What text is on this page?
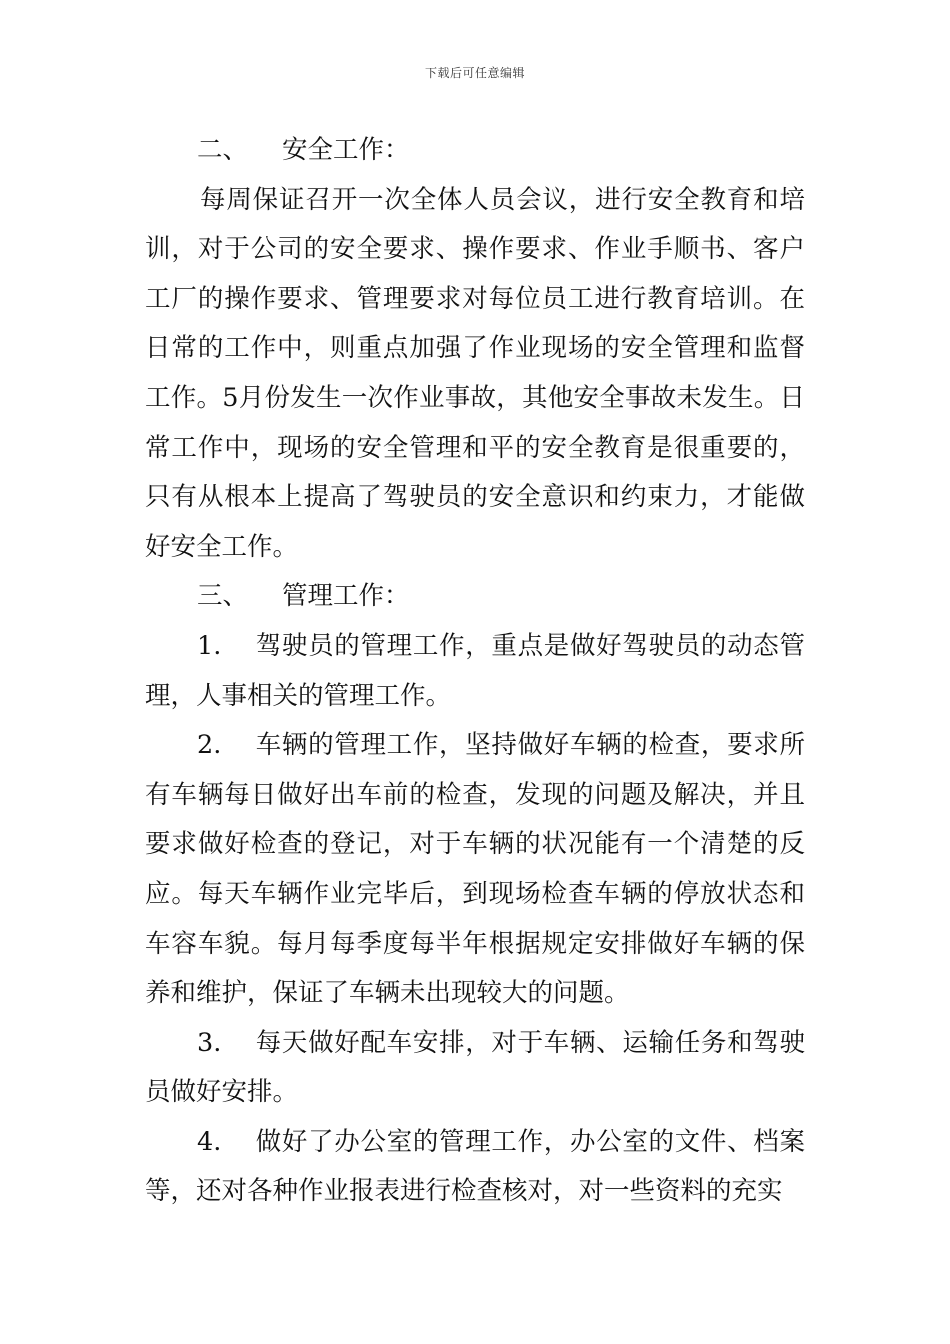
下载后可任意编辑

二、 安全工作：

每周保证召开一次全体人员会议，进行安全教育和培训，对于公司的安全要求、操作要求、作业手顺书、客户工厂的操作要求、管理要求对每位员工进行教育培训。在日常的工作中，则重点加强了作业现场的安全管理和监督工作。5月份发生一次作业事故，其他安全事故未发生。日常工作中，现场的安全管理和平的安全教育是很重要的，只有从根本上提高了驾驶员的安全意识和约束力，才能做好安全工作。

三、 管理工作：

1. 驾驶员的管理工作，重点是做好驾驶员的动态管理，人事相关的管理工作。

2. 车辆的管理工作，坚持做好车辆的检查，要求所有车辆每日做好出车前的检查，发现的问题及解决，并且要求做好检查的登记，对于车辆的状况能有一个清楚的反应。每天车辆作业完毕后，到现场检查车辆的停放状态和车容车貌。每月每季度每半年根据规定安排做好车辆的保养和维护，保证了车辆未出现较大的问题。

3. 每天做好配车安排，对于车辆、运输任务和驾驶员做好安排。

4. 做好了办公室的管理工作，办公室的文件、档案等，还对各种作业报表进行检查核对，对一些资料的充实
